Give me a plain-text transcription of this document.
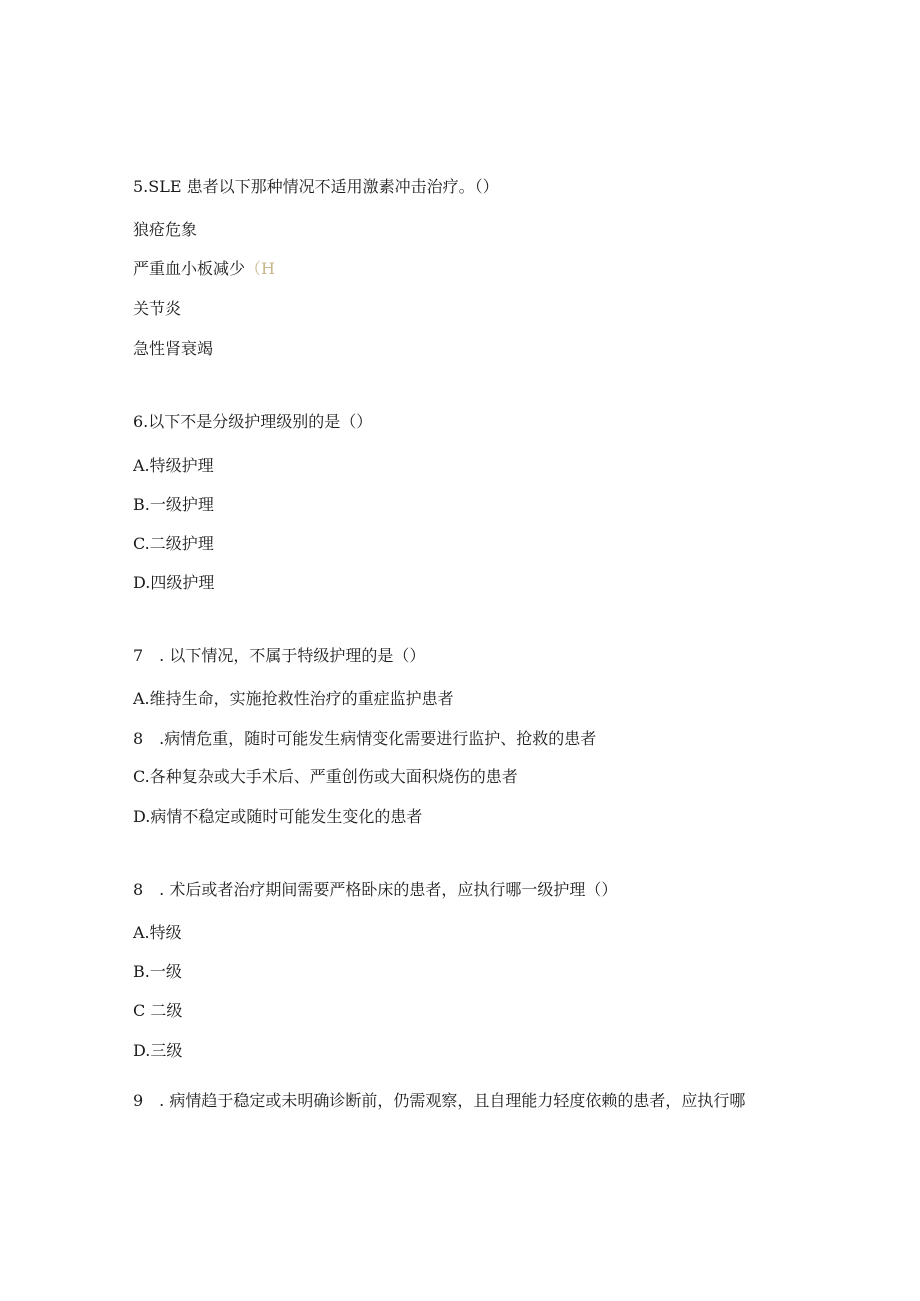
5.SLE 患者以下那种情况不适用激素冲击治疗。（）
狼疮危象
严重血小板减少（H
关节炎
急性肾衰竭
6.以下不是分级护理级别的是（）
A.特级护理
B.一级护理
C.二级护理
D.四级护理
7　. 以下情况，不属于特级护理的是（）
A.维持生命，实施抢救性治疗的重症监护患者
8　.病情危重，随时可能发生病情变化需要进行监护、抢救的患者
C.各种复杂或大手术后、严重创伤或大面积烧伤的患者
D.病情不稳定或随时可能发生变化的患者
8　. 术后或者治疗期间需要严格卧床的患者，应执行哪一级护理（）
A.特级
B.一级
C 二级
D.三级
9　. 病情趋于稳定或未明确诊断前，仍需观察，且自理能力轻度依赖的患者，应执行哪
